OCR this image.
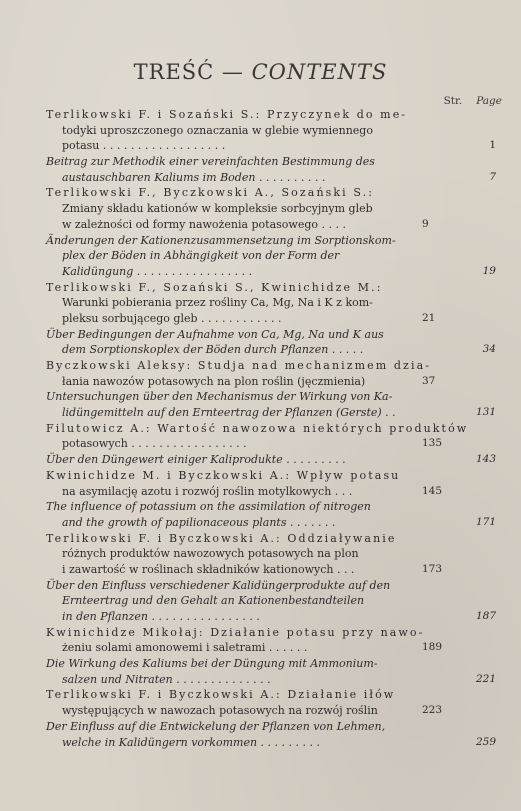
TREŚĆ — CONTENTS
Str. Page
Terlikowski F. i Sozański S.: Przyczynek do me-
todyki uproszczonego oznaczania w glebie wymiennego
potasu . . . . . . . . . . . . . . . . . .	1
Beitrag zur Methodik einer vereinfachten Bestimmung des
austauschbaren Kaliums im Boden . . . . . . . . . .	7
Terlikowski F., Byczkowski A., Sozański S.:
Zmiany składu kationów w kompleksie sorbcyjnym gleb
w zależności od formy nawożenia potasowego . . . .	9
Änderungen der Kationenzusammensetzung im Sorptionskom-
plex der Böden in Abhängigkeit von der Form der
Kalidüngung . . . . . . . . . . . . . . . . .	19
Terlikowski F., Sozański S., Kwinichidze M.:
Warunki pobierania przez rośliny Ca, Mg, Na i K z kom-
pleksu sorbującego gleb . . . . . . . . . . . .	21
Über Bedingungen der Aufnahme von Ca, Mg, Na und K aus
dem Sorptionskoplex der Böden durch Pflanzen . . . . .	34
Byczkowski Aleksy: Studja nad mechanizmem dzia-
łania nawozów potasowych na plon roślin (jęczmienia)	37
Untersuchungen über den Mechanismus der Wirkung von Ka-
lidüngemitteln auf den Ernteertrag der Pflanzen (Gerste) . .	131
Filutowicz A.: Wartość nawozowa niektórych produktów
potasowych . . . . . . . . . . . . . . . . .	135
Über den Düngewert einiger Kaliprodukte . . . . . . . . .	143
Kwinichidze M. i Byczkowski A.: Wpływ potasu
na asymilację azotu i rozwój roślin motylkowych . . .	145
The influence of potassium on the assimilation of nitrogen
and the growth of papilionaceous plants . . . . . . .	171
Terlikowski F. i Byczkowski A.: Oddziaływanie
różnych produktów nawozowych potasowych na plon
i zawartość w roślinach składników kationowych . . .	173
Über den Einfluss verschiedener Kalidüngerprodukte auf den
Ernteertrag und den Gehalt an Kationenbestandteilen
in den Pflanzen . . . . . . . . . . . . . . . .	187
Kwinichidze Mikołaj: Działanie potasu przy nawo-
żeniu solami amonowemi i saletrami . . . . . .	189
Die Wirkung des Kaliums bei der Düngung mit Ammonium-
salzen und Nitraten . . . . . . . . . . . . . .	221
Terlikowski F. i Byczkowski A.: Działanie iłów
występujących w nawozach potasowych na rozwój roślin	223
Der Einfluss auf die Entwickelung der Pflanzen von Lehmen,
welche in Kalidüngern vorkommen . . . . . . . . .	259
